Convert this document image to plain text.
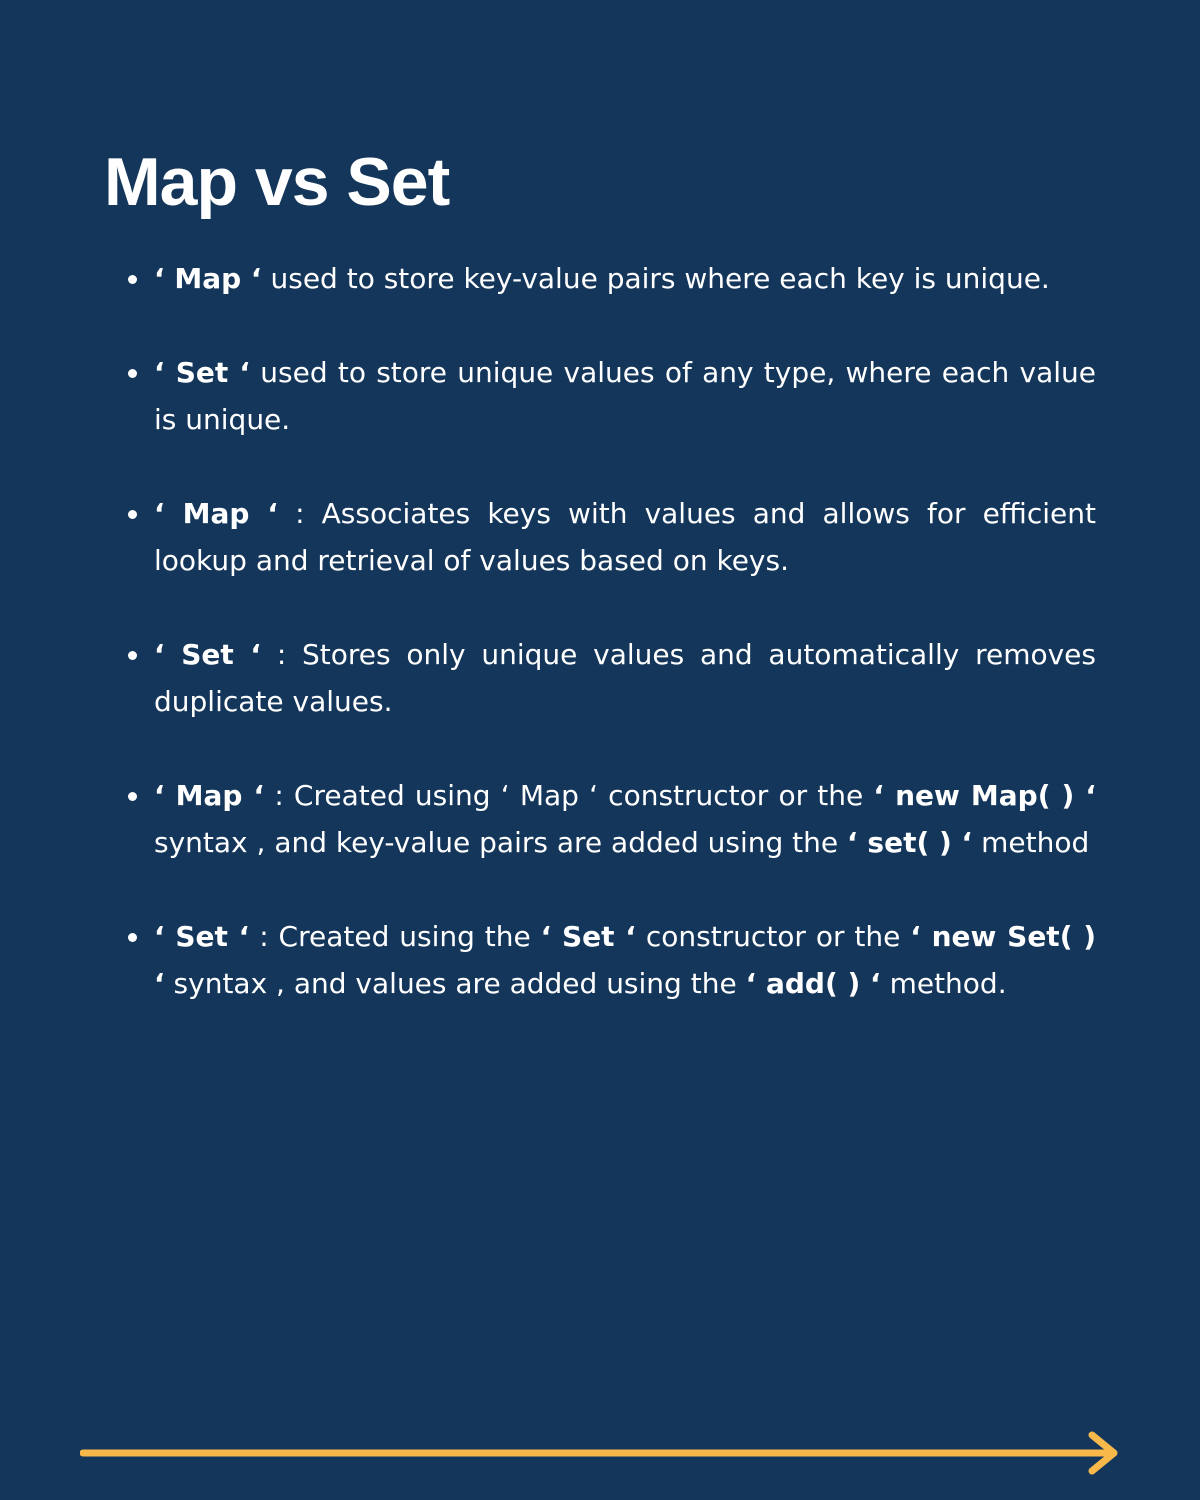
Map vs Set
‘ Map ‘ used to store key-value pairs where each key is unique.
‘ Set ‘ used to store unique values of any type, where each value is unique.
‘ Map ‘ : Associates keys with values and allows for efficient lookup and retrieval of values based on keys.
‘ Set ‘ : Stores only unique values and automatically removes duplicate values.
‘ Map ‘ : Created using ‘ Map ‘ constructor or the ‘ new Map( ) ‘ syntax , and key-value pairs are added using the ‘ set( ) ‘ method
‘ Set ‘ : Created using the ‘ Set ‘ constructor or the ‘ new Set( ) ‘ syntax , and values are added using the ‘ add( ) ‘ method.
